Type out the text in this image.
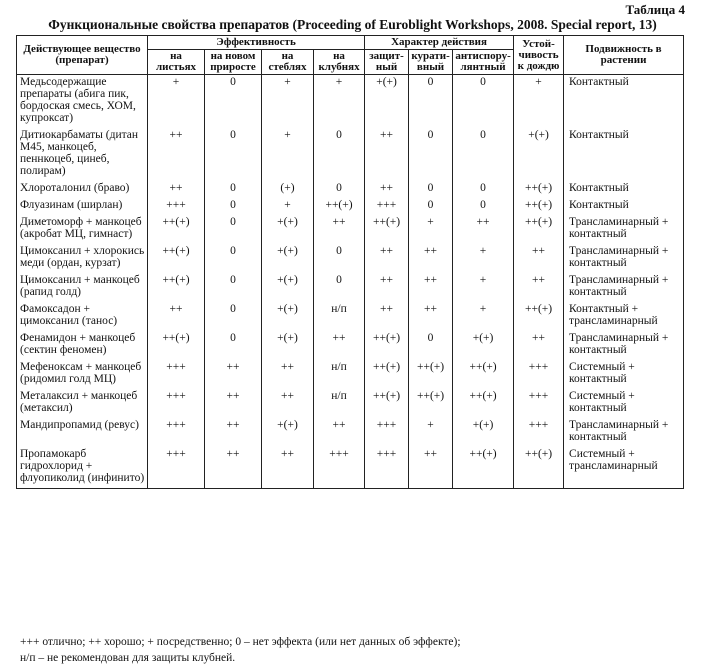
Таблица 4
Функциональные свойства препаратов (Proceeding of Euroblight Workshops, 2008. Special report, 13)
Действующее вещество (препарат)	Эффективность				Характер действия			Устой-чивость к дождю	Подвижность в растении
	на листьях	на новом приросте	на стеблях	на клубнях	защит-ный	курати-вный	антиспору-лянтный		
Медьсодержащие препараты (абига пик, бордоская смесь, ХОМ, купроксат)	+	0	+	+	+(+)	0	0	+	Контактный
Дитиокарбаматы (дитан М45, манкоцеб, пеннкоцеб, цинеб, полирам)	++	0	+	0	++	0	0	+(+)	Контактный
Хлороталонил (браво)	++	0	(+)	0	++	0	0	++(+)	Контактный
Флуазинам (ширлан)	+++	0	+	++(+)	+++	0	0	++(+)	Контактный
Диметоморф + манкоцеб (акробат МЦ, гимнаст)	++(+)	0	+(+)	++	++(+)	+	++	++(+)	Трансламинарный + контактный
Цимоксанил + хлорокись меди (ордан, курзат)	++(+)	0	+(+)	0	++	++	+	++	Трансламинарный + контактный
Цимоксанил + манкоцеб (рапид голд)	++(+)	0	+(+)	0	++	++	+	++	Трансламинарный + контактный
Фамоксадон + цимоксанил (танос)	++	0	+(+)	н/п	++	++	+	++(+)	Контактный + трансламинарный
Фенамидон + манкоцеб (сектин феномен)	++(+)	0	+(+)	++	++(+)	0	+(+)	++	Трансламинарный + контактный
Мефеноксам + манкоцеб (ридомил голд МЦ)	+++	++	++	н/п	++(+)	++(+)	++(+)	+++	Системный + контактный
Металаксил + манкоцеб (метаксил)	+++	++	++	н/п	++(+)	++(+)	++(+)	+++	Системный + контактный
Мандипропамид (ревус)	+++	++	+(+)	++	+++	+	+(+)	+++	Трансламинарный + контактный
Пропамокарб гидрохлорид + флуопиколид (инфинито)	+++	++	++	+++	+++	++	++(+)	++(+)	Системный + трансламинарный
+++ отлично; ++ хорошо; + посредственно; 0 – нет эффекта (или нет данных об эффекте);
н/п – не рекомендован для защиты клубней.
